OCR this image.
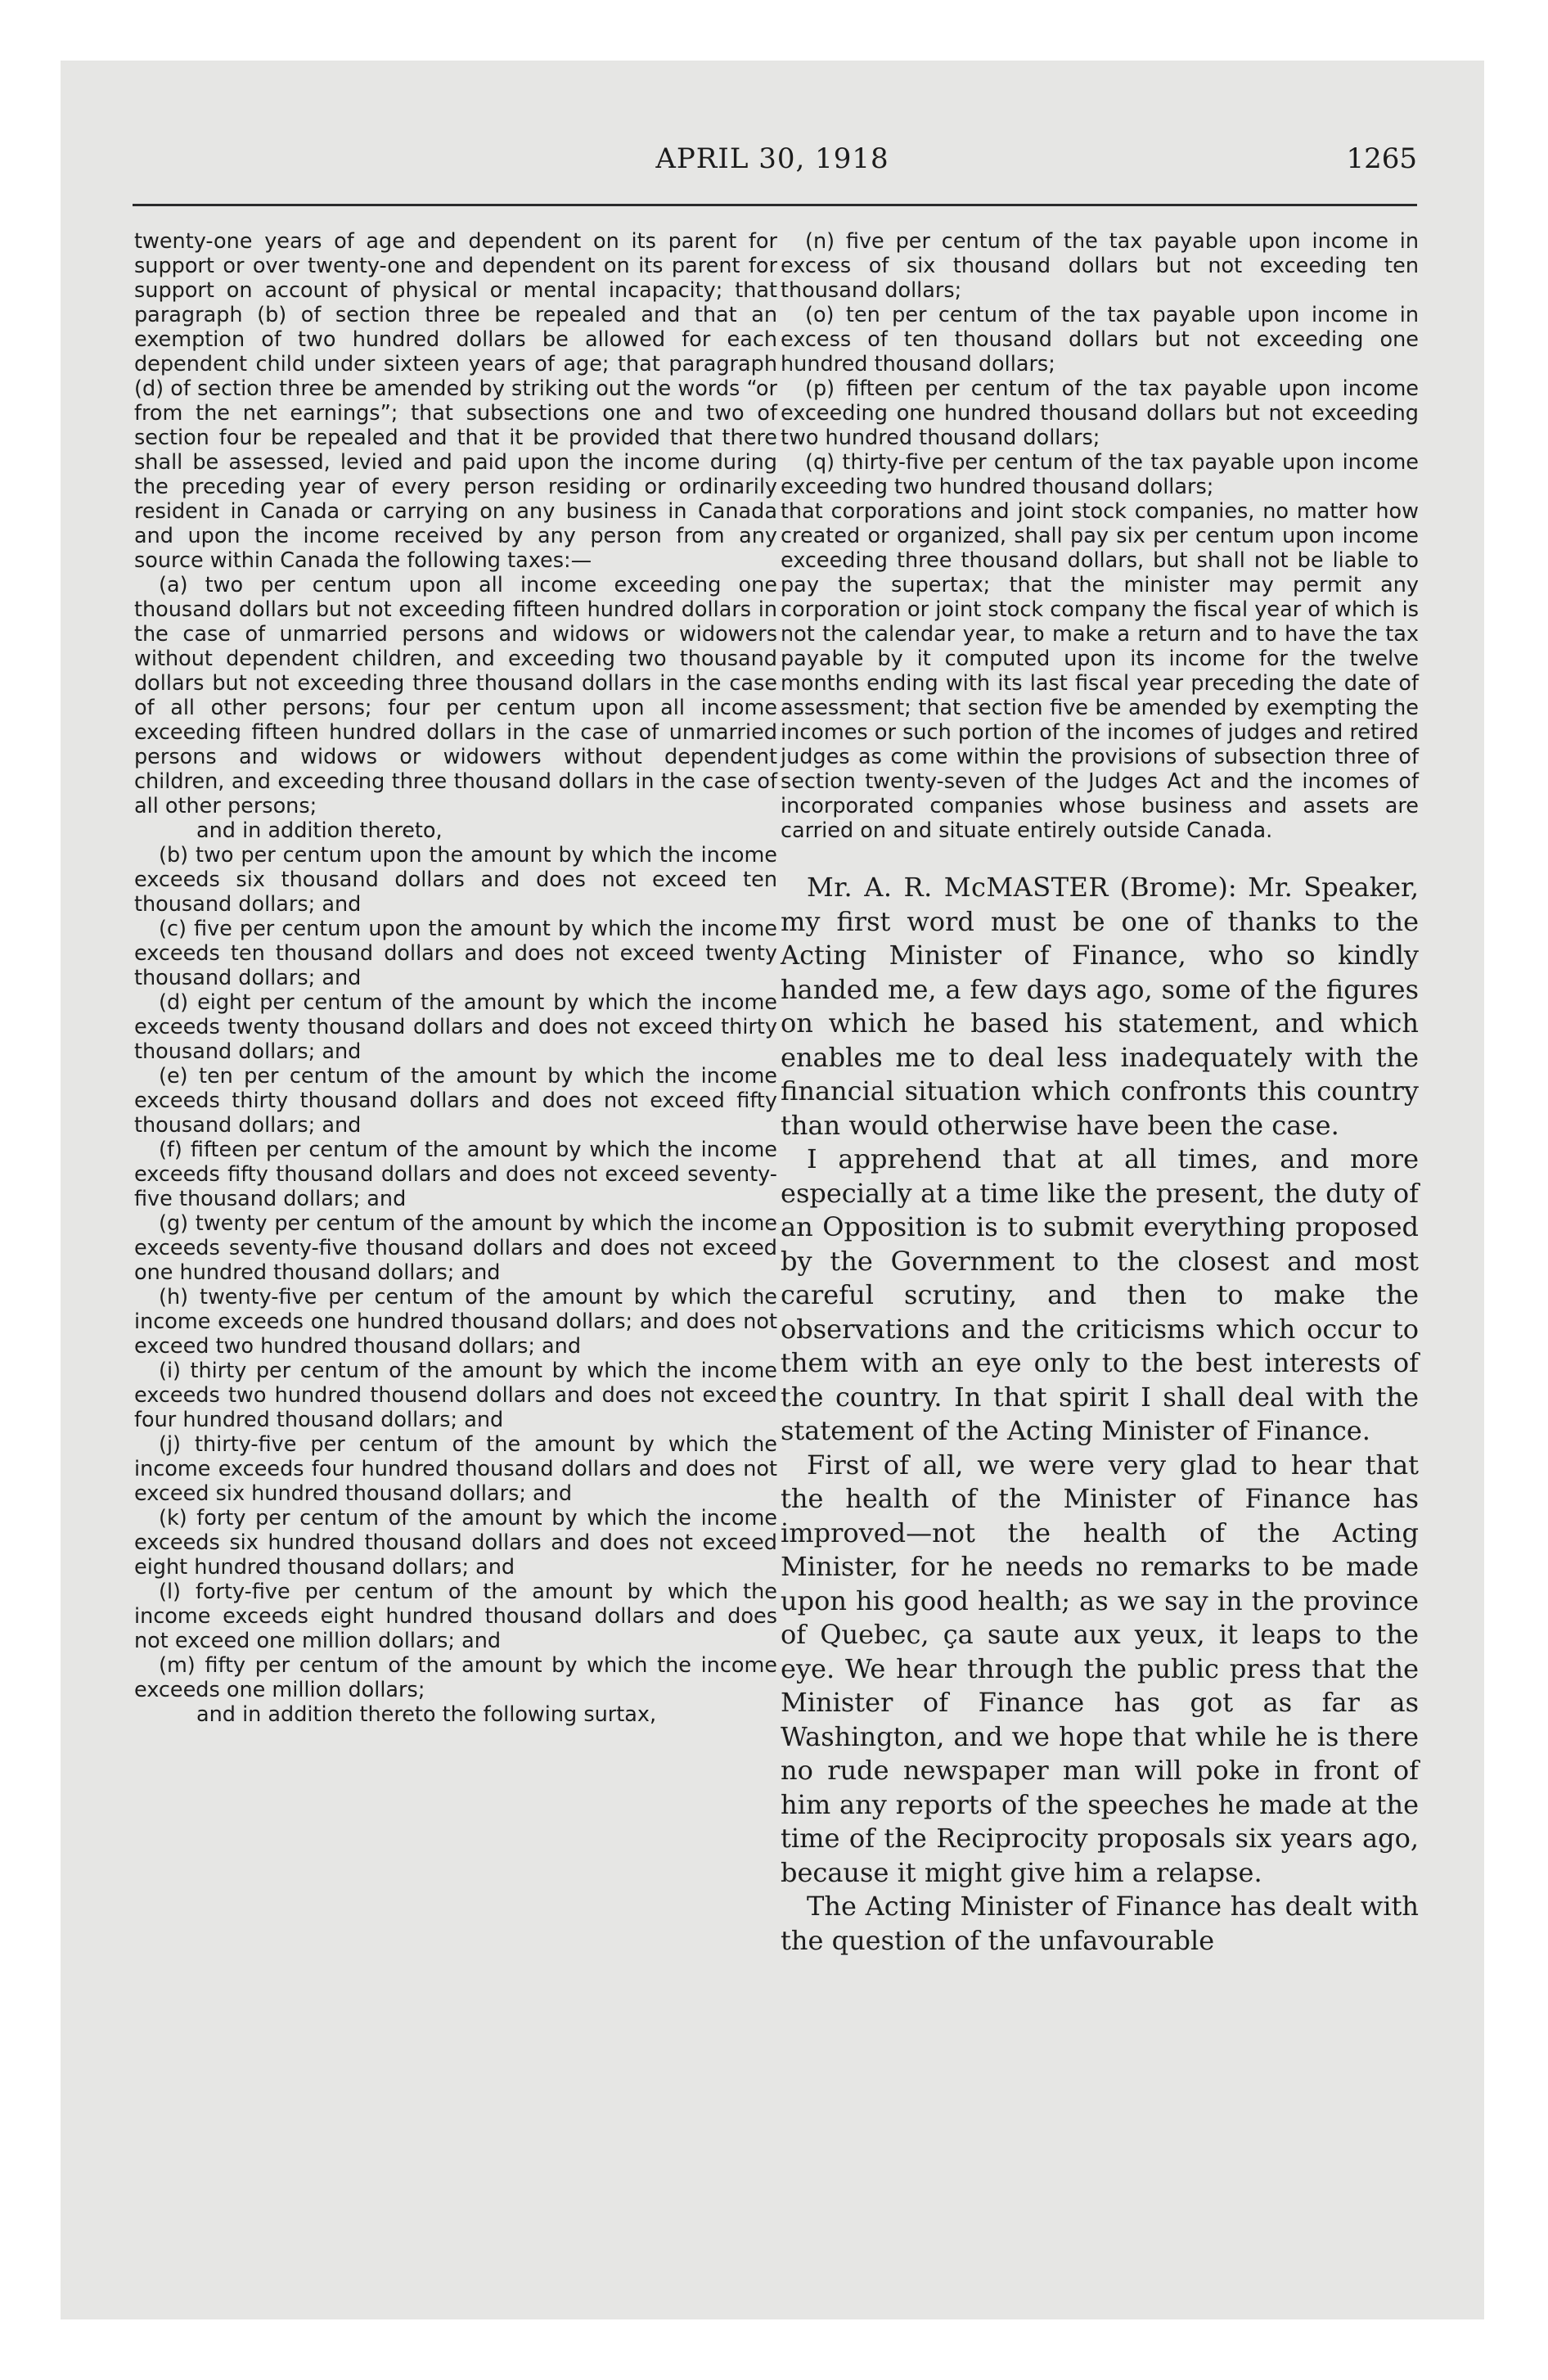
APRIL 30, 1918	1265

twenty-one years of age and dependent on its parent for support or over twenty-one and dependent on its parent for support on account of physical or mental incapacity; that paragraph (b) of section three be repealed and that an exemption of two hundred dollars be allowed for each dependent child under sixteen years of age; that paragraph (d) of section three be amended by striking out the words “or from the net earnings”; that subsections one and two of section four be repealed and that it be provided that there shall be assessed, levied and paid upon the income during the preceding year of every person residing or ordinarily resident in Canada or carrying on any business in Canada and upon the income received by any person from any source within Canada the following taxes:—

(a) two per centum upon all income exceeding one thousand dollars but not exceeding fifteen hundred dollars in the case of unmarried persons and widows or widowers without dependent children, and exceeding two thousand dollars but not exceeding three thousand dollars in the case of all other persons; four per centum upon all income exceeding fifteen hundred dollars in the case of unmarried persons and widows or widowers without dependent children, and exceeding three thousand dollars in the case of all other persons;

and in addition thereto,

(b) two per centum upon the amount by which the income exceeds six thousand dollars and does not exceed ten thousand dollars; and

(c) five per centum upon the amount by which the income exceeds ten thousand dollars and does not exceed twenty thousand dollars; and

(d) eight per centum of the amount by which the income exceeds twenty thousand dollars and does not exceed thirty thousand dollars; and

(e) ten per centum of the amount by which the income exceeds thirty thousand dollars and does not exceed fifty thousand dollars; and

(f) fifteen per centum of the amount by which the income exceeds fifty thousand dollars and does not exceed seventy-five thousand dollars; and

(g) twenty per centum of the amount by which the income exceeds seventy-five thousand dollars and does not exceed one hundred thousand dollars; and

(h) twenty-five per centum of the amount by which the income exceeds one hundred thousand dollars; and does not exceed two hundred thousand dollars; and

(i) thirty per centum of the amount by which the income exceeds two hundred thousend dollars and does not exceed four hundred thousand dollars; and

(j) thirty-five per centum of the amount by which the income exceeds four hundred thousand dollars and does not exceed six hundred thousand dollars; and

(k) forty per centum of the amount by which the income exceeds six hundred thousand dollars and does not exceed eight hundred thousand dollars; and

(l) forty-five per centum of the amount by which the income exceeds eight hundred thousand dollars and does not exceed one million dollars; and

(m) fifty per centum of the amount by which the income exceeds one million dollars;

and in addition thereto the following surtax,

(n) five per centum of the tax payable upon income in excess of six thousand dollars but not exceeding ten thousand dollars;

(o) ten per centum of the tax payable upon income in excess of ten thousand dollars but not exceeding one hundred thousand dollars;

(p) fifteen per centum of the tax payable upon income exceeding one hundred thousand dollars but not exceeding two hundred thousand dollars;

(q) thirty-five per centum of the tax payable upon income exceeding two hundred thousand dollars;

that corporations and joint stock companies, no matter how created or organized, shall pay six per centum upon income exceeding three thousand dollars, but shall not be liable to pay the supertax; that the minister may permit any corporation or joint stock company the fiscal year of which is not the calendar year, to make a return and to have the tax payable by it computed upon its income for the twelve months ending with its last fiscal year preceding the date of assessment; that section five be amended by exempting the incomes or such portion of the incomes of judges and retired judges as come within the provisions of subsection three of section twenty-seven of the Judges Act and the incomes of incorporated companies whose business and assets are carried on and situate entirely outside Canada.

Mr. A. R. McMASTER (Brome): Mr. Speaker, my first word must be one of thanks to the Acting Minister of Finance, who so kindly handed me, a few days ago, some of the figures on which he based his statement, and which enables me to deal less inadequately with the financial situation which confronts this country than would otherwise have been the case.

I apprehend that at all times, and more especially at a time like the present, the duty of an Opposition is to submit everything proposed by the Government to the closest and most careful scrutiny, and then to make the observations and the criticisms which occur to them with an eye only to the best interests of the country. In that spirit I shall deal with the statement of the Acting Minister of Finance.

First of all, we were very glad to hear that the health of the Minister of Finance has improved—not the health of the Acting Minister, for he needs no remarks to be made upon his good health; as we say in the province of Quebec, ça saute aux yeux, it leaps to the eye. We hear through the public press that the Minister of Finance has got as far as Washington, and we hope that while he is there no rude newspaper man will poke in front of him any reports of the speeches he made at the time of the Reciprocity proposals six years ago, because it might give him a relapse.

The Acting Minister of Finance has dealt with the question of the unfavourable
